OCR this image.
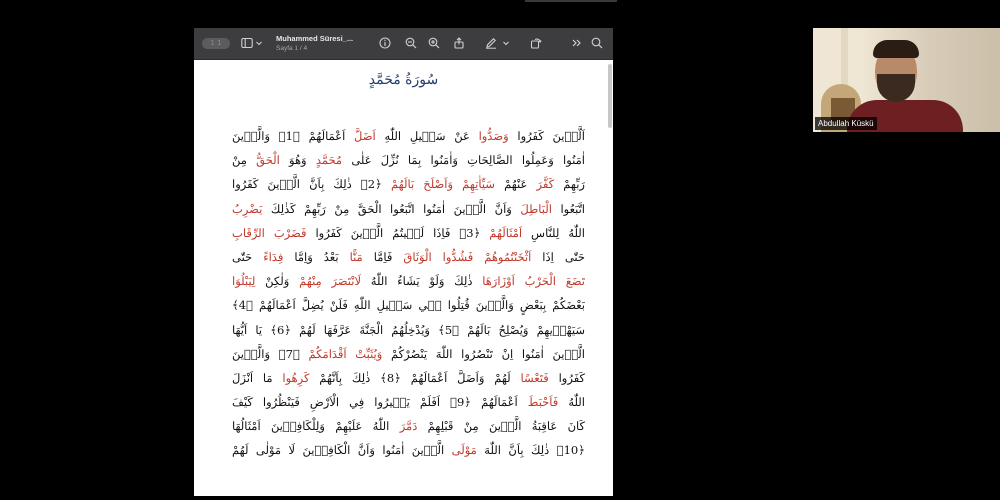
1 1	Muhammed Süresi_...
Sayfa 1 / 4
سُورَةُ مُحَمَّدٍ
اَلَّذٖينَ كَفَرُوا وَصَدُّوا عَنْ سَبٖيلِ اللّٰهِ اَضَلَّ اَعْمَالَهُمْ ﴿1﴾ وَالَّذٖينَ
اٰمَنُوا وَعَمِلُوا الصَّالِحَاتِ وَاٰمَنُوا بِمَا نُزِّلَ عَلٰى مُحَمَّدٍ وَهُوَ الْحَقُّ مِنْ
رَبِّهِمْ كَفَّرَ عَنْهُمْ سَيِّاٰتِهِمْ وَاَصْلَحَ بَالَهُمْ ﴿2﴾ ذٰلِكَ بِاَنَّ الَّذٖينَ كَفَرُوا
اتَّبَعُوا الْبَاطِلَ وَاَنَّ الَّذٖينَ اٰمَنُوا اتَّبَعُوا الْحَقَّ مِنْ رَبِّهِمْ كَذٰلِكَ يَضْرِبُ
اللّٰهُ لِلنَّاسِ اَمْثَالَهُمْ ﴿3﴾ فَاِذَا لَقٖيتُمُ الَّذٖينَ كَفَرُوا فَضَرْبَ الرِّقَابِ
حَتّٰى اِذَا اَثْخَنْتُمُوهُمْ فَشُدُّوا الْوَثَاقَ فَاِمَّا مَنًّا بَعْدُ وَاِمَّا فِدَاءً حَتّٰى
تَضَعَ الْحَرْبُ اَوْزَارَهَا ذٰلِكَ وَلَوْ يَشَاءُ اللّٰهُ لَانْتَصَرَ مِنْهُمْ وَلٰكِنْ لِيَبْلُوَا
بَعْضَكُمْ بِبَعْضٍ وَالَّذٖينَ قُتِلُوا فٖي سَبٖيلِ اللّٰهِ فَلَنْ يُضِلَّ اَعْمَالَهُمْ ﴿4﴾
سَيَهْدٖيهِمْ وَيُصْلِحُ بَالَهُمْ ﴿5﴾ وَيُدْخِلُهُمُ الْجَنَّةَ عَرَّفَهَا لَهُمْ ﴿6﴾ يَا اَيُّهَا
الَّذٖينَ اٰمَنُوا اِنْ تَنْصُرُوا اللّٰهَ يَنْصُرْكُمْ وَيُثَبِّتْ اَقْدَامَكُمْ ﴿7﴾ وَالَّذٖينَ
كَفَرُوا فَتَعْسًا لَهُمْ وَاَضَلَّ اَعْمَالَهُمْ ﴿8﴾ ذٰلِكَ بِاَنَّهُمْ كَرِهُوا مَا اَنْزَلَ
اللّٰهُ فَاَحْبَطَ اَعْمَالَهُمْ ﴿9﴾ اَفَلَمْ يَسٖيرُوا فِي الْاَرْضِ فَيَنْظُرُوا كَيْفَ
كَانَ عَاقِبَةُ الَّذٖينَ مِنْ قَبْلِهِمْ دَمَّرَ اللّٰهُ عَلَيْهِمْ وَلِلْكَافِرٖينَ اَمْثَالُهَا
﴿10﴾ ذٰلِكَ بِاَنَّ اللّٰهَ مَوْلَى الَّذٖينَ اٰمَنُوا وَاَنَّ الْكَافِرٖينَ لَا مَوْلٰى لَهُمْ
Abdullah Küskü
